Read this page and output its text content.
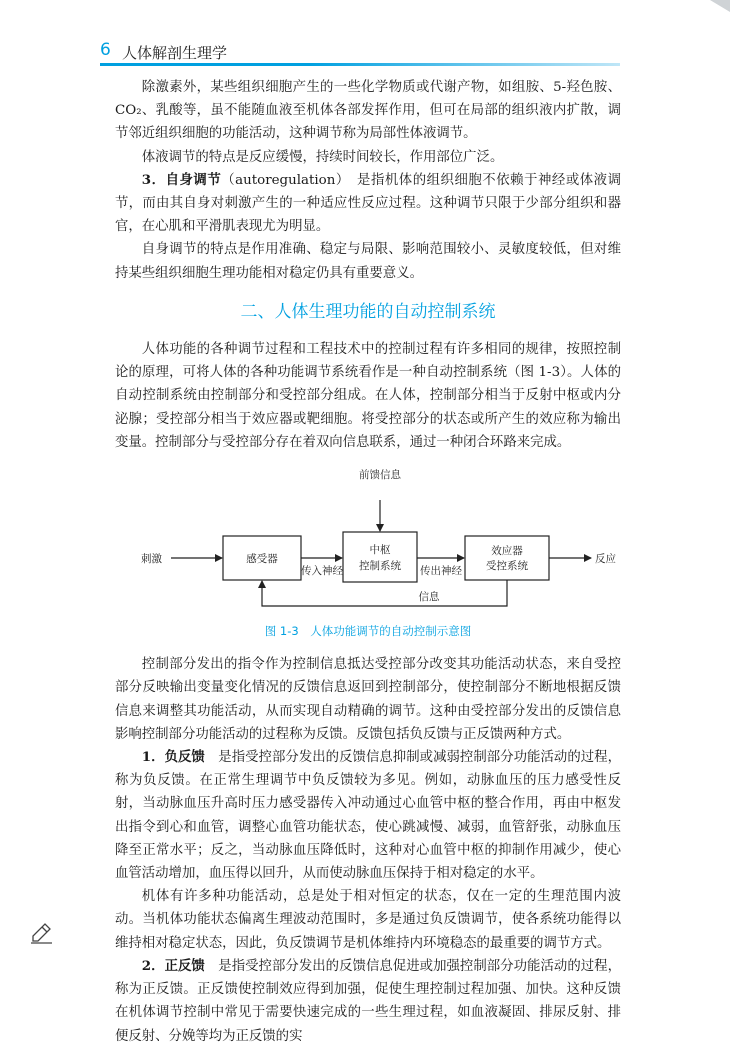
6 人体解剖生理学

除激素外，某些组织细胞产生的一些化学物质或代谢产物，如组胺、5-羟色胺、CO₂、乳酸等，虽不能随血液至机体各部发挥作用，但可在局部的组织液内扩散，调节邻近组织细胞的功能活动，这种调节称为局部性体液调节。

体液调节的特点是反应缓慢，持续时间较长，作用部位广泛。

3．自身调节（autoregulation）　是指机体的组织细胞不依赖于神经或体液调节，而由其自身对刺激产生的一种适应性反应过程。这种调节只限于少部分组织和器官，在心肌和平滑肌表现尤为明显。

自身调节的特点是作用准确、稳定与局限、影响范围较小、灵敏度较低，但对维持某些组织细胞生理功能相对稳定仍具有重要意义。

二、人体生理功能的自动控制系统

人体功能的各种调节过程和工程技术中的控制过程有许多相同的规律，按照控制论的原理，可将人体的各种功能调节系统看作是一种自动控制系统（图 1-3）。人体的自动控制系统由控制部分和受控部分组成。在人体，控制部分相当于反射中枢或内分泌腺；受控部分相当于效应器或靶细胞。将受控部分的状态或所产生的效应称为输出变量。控制部分与受控部分存在着双向信息联系，通过一种闭合环路来完成。

前馈信息
刺激	感受器
传入神经
中枢
控制系统 传出神经
效应器
受控系统
反应
信息
图 1-3　人体功能调节的自动控制示意图

控制部分发出的指令作为控制信息抵达受控部分改变其功能活动状态，来自受控部分反映输出变量变化情况的反馈信息返回到控制部分，使控制部分不断地根据反馈信息来调整其功能活动，从而实现自动精确的调节。这种由受控部分发出的反馈信息影响控制部分功能活动的过程称为反馈。反馈包括负反馈与正反馈两种方式。

1．负反馈　是指受控部分发出的反馈信息抑制或减弱控制部分功能活动的过程，称为负反馈。在正常生理调节中负反馈较为多见。例如，动脉血压的压力感受性反射，当动脉血压升高时压力感受器传入冲动通过心血管中枢的整合作用，再由中枢发出指令到心和血管，调整心血管功能状态，使心跳减慢、减弱，血管舒张，动脉血压降至正常水平；反之，当动脉血压降低时，这种对心血管中枢的抑制作用减少，使心血管活动增加，血压得以回升，从而使动脉血压保持于相对稳定的水平。

机体有许多种功能活动，总是处于相对恒定的状态，仅在一定的生理范围内波动。当机体功能状态偏离生理波动范围时，多是通过负反馈调节，使各系统功能得以维持相对稳定状态，因此，负反馈调节是机体维持内环境稳态的最重要的调节方式。

2．正反馈　是指受控部分发出的反馈信息促进或加强控制部分功能活动的过程，称为正反馈。正反馈使控制效应得到加强，促使生理控制过程加强、加快。这种反馈在机体调节控制中常见于需要快速完成的一些生理过程，如血液凝固、排尿反射、排便反射、分娩等均为正反馈的实
